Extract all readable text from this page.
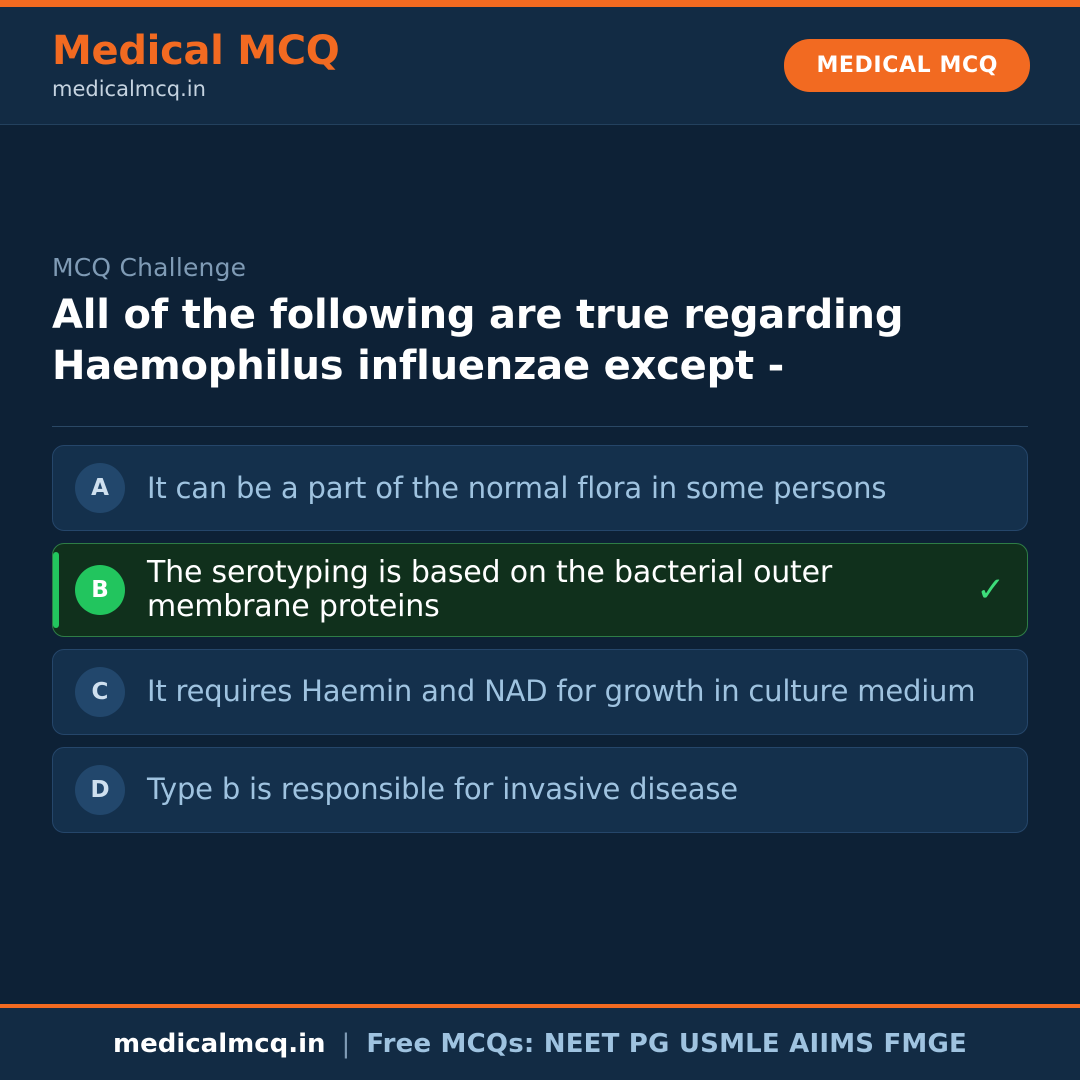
Medical MCQ
medicalmcq.in
MEDICAL MCQ
MCQ Challenge
All of the following are true regarding Haemophilus influenzae except -
A	It can be a part of the normal flora in some persons
B	The serotyping is based on the bacterial outer membrane proteins	✓
C	It requires Haemin and NAD for growth in culture medium
D	Type b is responsible for invasive disease
medicalmcq.in | Free MCQs: NEET PG USMLE AIIMS FMGE
